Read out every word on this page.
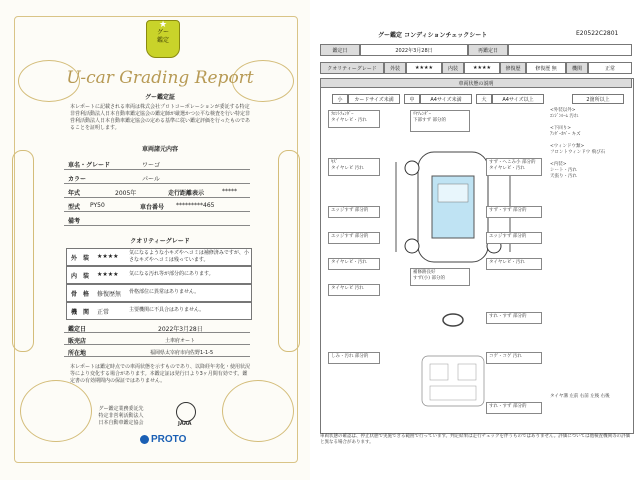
★
グー
鑑定
U-car Grading Report
グー鑑定証
本レポートに記載される車両は株式会社プロトコーポレーションが委託する特定非営利活動法人日本自動車鑑定協会の鑑定師が厳選かつ公平な検査を行い特定非営利活動法人日本自動車鑑定協会の定める基準に従い鑑定評価を行ったものであることを証明します。
車両諸元内容
車名・グレード	ワーゴ
カラー	パール
年式	2005年	走行距離表示	*****
型式 PY50	車台番号 *********465
備考
クオリティーグレード
外　装 ★★★★ 気になるような小キズやヘコミは補修済みですが、小さなキズやヘコミは残っています。
内　装 ★★★★ 気になる汚れ等が部分的にあります。
骨　格 修復歴無 骨格部位に異常はありません。
機　関 正常	主要機関に不具合はありません。
鑑定日	2022年3月28日
販売店	土車府オート
所在地	福岡県太宰府市向佐野1-1-5
本レポートは鑑定時点での車両状態を示すものであり、以降経年劣化・使用状況等により変化する場合があります。本鑑定証は発行日より3ヶ月間有効です。鑑定書の有効期間内の保証ではありません。
グー鑑定業務委託先
特定非営利活動法人
日本自動車鑑定協会	JAAA
PROTO
グー鑑定 コンディションチェックシート	E20522C2801
鑑定日	2022年3月28日	再鑑定日
クオリティーグレード	外装	★★★★	内装	★★★★	修復歴	修復歴 無	機関	正常
車両状態の説明
小	カードサイズ未満	中	A4サイズ未満	大	A4サイズ以上	2箇所以上
ﾌﾛﾝﾄﾌｪﾝﾀﾞｰ
タイヤレビ・汚れ
ｷｽﾞ
タイヤレビ 汚れ
エッジすず 部分的
エッジすず 部分的
タイヤレビ・汚れ
タイヤレビ 汚れ
しみ・汚れ 部分的
ﾘﾔﾌｪﾝﾀﾞｰ
下部すず 部分的
すず・へこみ小 部分的
タイヤレビ・汚れ
すず・すず 部分的
エッジすず 部分的
タイヤレビ・汚れ
補修跡良好
すず(小) 部分的
すれ・すず 部分的
コゲ・コゲ 汚れ
すれ・すず 部分的
<外装以外>
ｴﾝｼﾞﾝﾙｰﾑ 汚れ
<下回り>
ｱﾝﾀﾞｰｶﾊﾞｰ キズ
<ウィンドウ類>
フロントウィンドウ 飛び石
<内装>
シート・汚れ
天張り・汚れ
タイヤ溝 左前 右前 左後 右後
車両状態の確認は、停止状態で実施できる範囲で行っています。判定結果は走行チェックを伴うものではありません。評価については他検査機関等の評価と異なる場合があります。
